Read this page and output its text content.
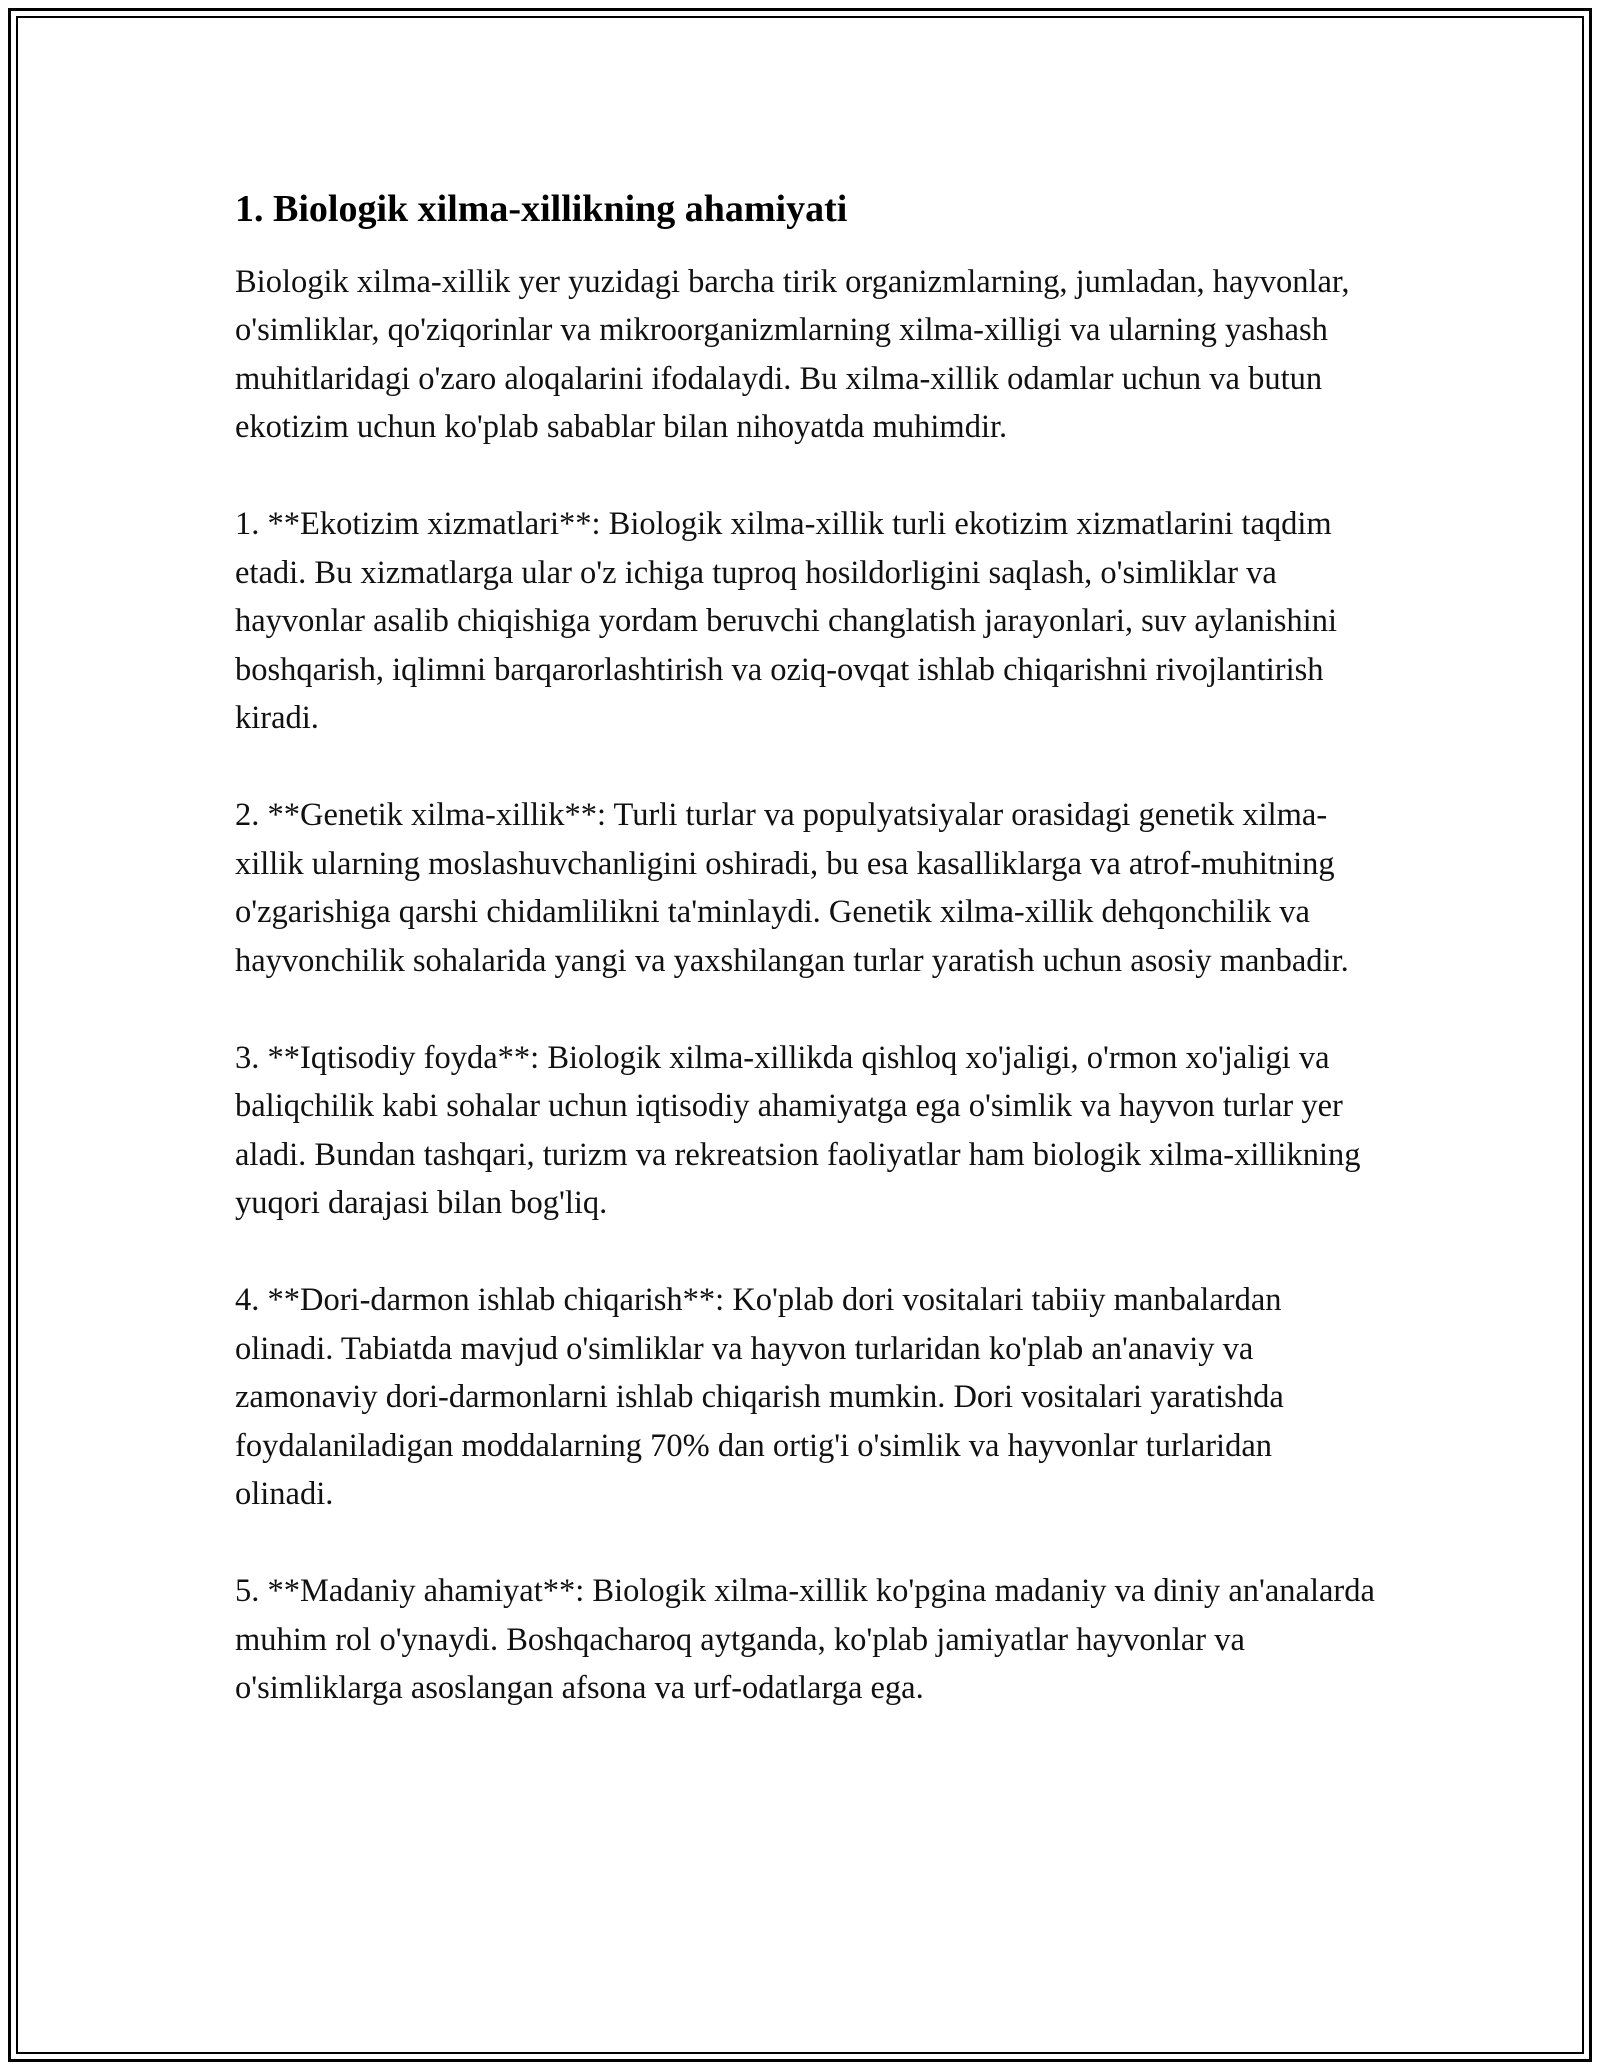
1. Biologik xilma-xillikning ahamiyati

Biologik xilma-xillik yer yuzidagi barcha tirik organizmlarning, jumladan, hayvonlar, o'simliklar, qo'ziqorinlar va mikroorganizmlarning xilma-xilligi va ularning yashash muhitlaridagi o'zaro aloqalarini ifodalaydi. Bu xilma-xillik odamlar uchun va butun ekotizim uchun ko'plab sabablar bilan nihoyatda muhimdir.

1. **Ekotizim xizmatlari**: Biologik xilma-xillik turli ekotizim xizmatlarini taqdim etadi. Bu xizmatlarga ular o'z ichiga tuproq hosildorligini saqlash, o'simliklar va hayvonlar asalib chiqishiga yordam beruvchi changlatish jarayonlari, suv aylanishini boshqarish, iqlimni barqarorlashtirish va oziq-ovqat ishlab chiqarishni rivojlantirish kiradi.

2. **Genetik xilma-xillik**: Turli turlar va populyatsiyalar orasidagi genetik xilma-xillik ularning moslashuvchanligini oshiradi, bu esa kasalliklarga va atrof-muhitning o'zgarishiga qarshi chidamlilikni ta'minlaydi. Genetik xilma-xillik dehqonchilik va hayvonchilik sohalarida yangi va yaxshilangan turlar yaratish uchun asosiy manbadir.

3. **Iqtisodiy foyda**: Biologik xilma-xillikda qishloq xo'jaligi, o'rmon xo'jaligi va baliqchilik kabi sohalar uchun iqtisodiy ahamiyatga ega o'simlik va hayvon turlar yer aladi. Bundan tashqari, turizm va rekreatsion faoliyatlar ham biologik xilma-xillikning yuqori darajasi bilan bog'liq.

4. **Dori-darmon ishlab chiqarish**: Ko'plab dori vositalari tabiiy manbalardan olinadi. Tabiatda mavjud o'simliklar va hayvon turlaridan ko'plab an'anaviy va zamonaviy dori-darmonlarni ishlab chiqarish mumkin. Dori vositalari yaratishda foydalaniladigan moddalarning 70% dan ortig'i o'simlik va hayvonlar turlaridan olinadi.

5. **Madaniy ahamiyat**: Biologik xilma-xillik ko'pgina madaniy va diniy an'analarda muhim rol o'ynaydi. Boshqacharoq aytganda, ko'plab jamiyatlar hayvonlar va o'simliklarga asoslangan afsona va urf-odatlarga ega.
